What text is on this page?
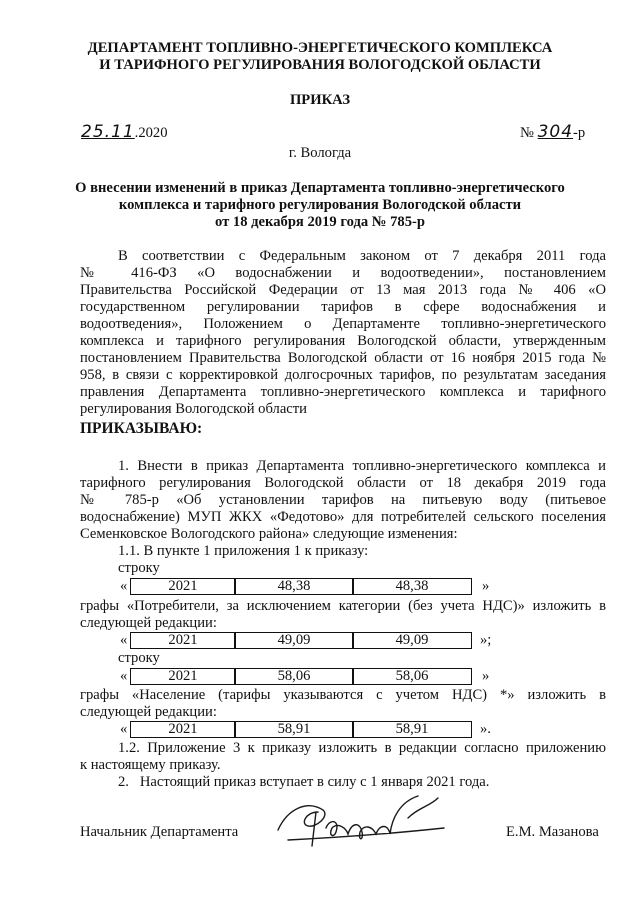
ДЕПАРТАМЕНТ ТОПЛИВНО-ЭНЕРГЕТИЧЕСКОГО КОМПЛЕКСА
И ТАРИФНОГО РЕГУЛИРОВАНИЯ ВОЛОГОДСКОЙ ОБЛАСТИ
ПРИКАЗ
25.11.2020	№ 304-р
г. Вологда
О внесении изменений в приказ Департамента топливно-энергетического
комплекса и тарифного регулирования Вологодской области
от 18 декабря 2019 года № 785-р
В соответствии с Федеральным законом от 7 декабря 2011 года
№ 416-ФЗ «О водоснабжении и водоотведении», постановлением
Правительства Российской Федерации от 13 мая 2013 года № 406 «О
государственном регулировании тарифов в сфере водоснабжения и
водоотведения», Положением о Департаменте топливно-энергетического
комплекса и тарифного регулирования Вологодской области, утвержденным
постановлением Правительства Вологодской области от 16 ноября 2015 года №
958, в связи с корректировкой долгосрочных тарифов, по результатам заседания
правления Департамента топливно-энергетического комплекса и тарифного
регулирования Вологодской области
ПРИКАЗЫВАЮ:
1. Внести в приказ Департамента топливно-энергетического комплекса и
тарифного регулирования Вологодской области от 18 декабря 2019 года
№ 785-р «Об установлении тарифов на питьевую воду (питьевое
водоснабжение) МУП ЖКХ «Федотово» для потребителей сельского поселения
Семенковское Вологодского района» следующие изменения:
1.1. В пункте 1 приложения 1 к приказу:
строку
«	2021	48,38	48,38	»
графы «Потребители, за исключением категории (без учета НДС)» изложить в
следующей редакции:
«	2021	49,09	49,09	»;
строку
«	2021	58,06	58,06	»
графы «Население (тарифы указываются с учетом НДС) *» изложить в
следующей редакции:
«	2021	58,91	58,91	».
1.2. Приложение 3 к приказу изложить в редакции согласно приложению
к настоящему приказу.
2.   Настоящий приказ вступает в силу с 1 января 2021 года.
Начальник Департамента	Е.М. Мазанова
